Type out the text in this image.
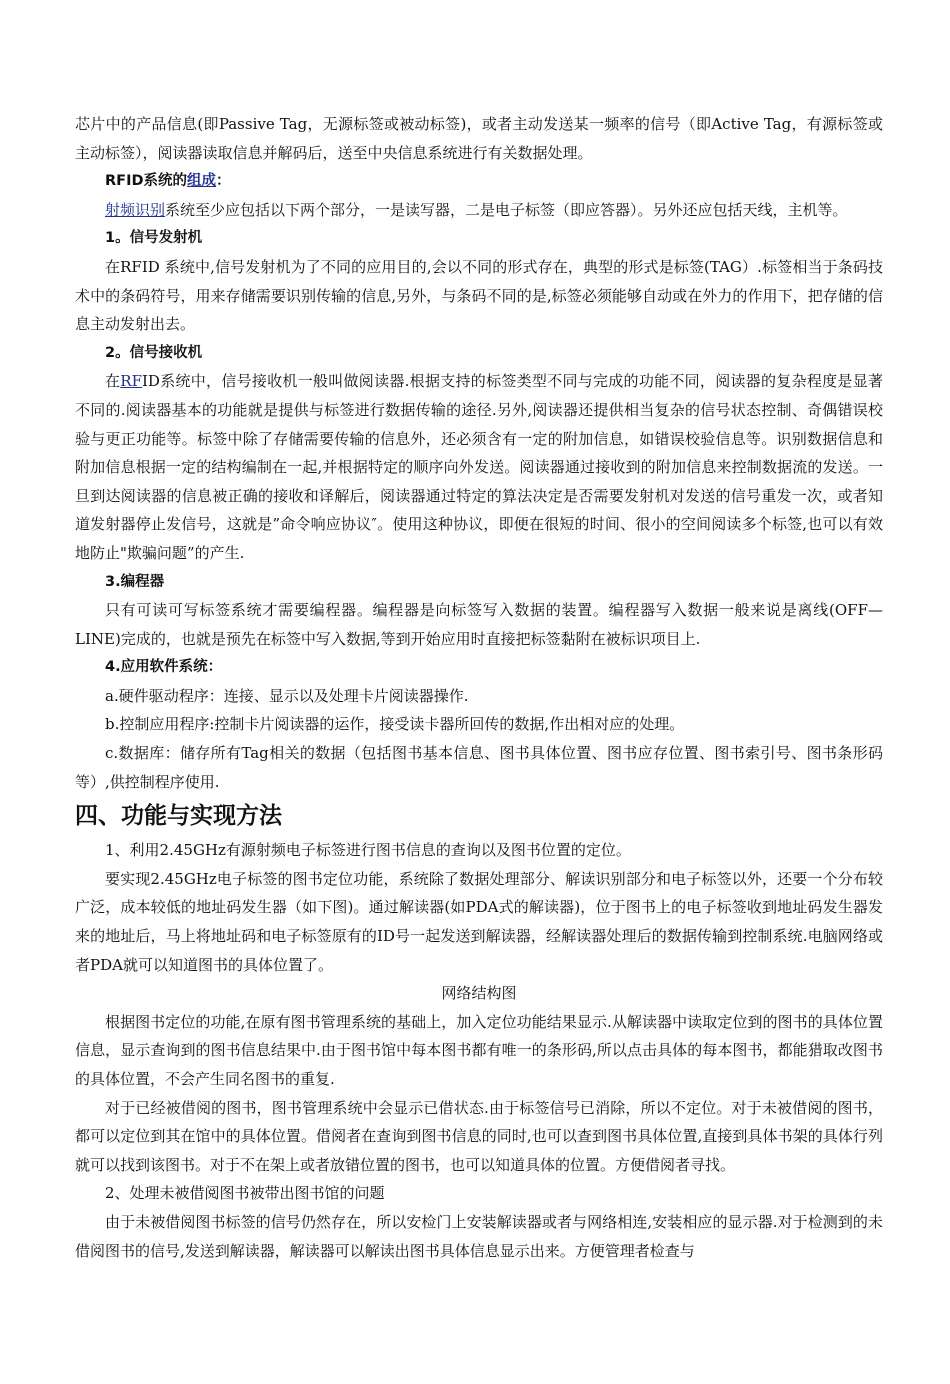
芯片中的产品信息(即Passive Tag，无源标签或被动标签)，或者主动发送某一频率的信号（即Active Tag，有源标签或主动标签），阅读器读取信息并解码后，送至中央信息系统进行有关数据处理。

RFID系统的组成：

射频识别系统至少应包括以下两个部分，一是读写器，二是电子标签（即应答器）。另外还应包括天线，主机等。

1。信号发射机

在RFID 系统中,信号发射机为了不同的应用目的,会以不同的形式存在，典型的形式是标签(TAG）.标签相当于条码技术中的条码符号，用来存储需要识别传输的信息,另外，与条码不同的是,标签必须能够自动或在外力的作用下，把存储的信息主动发射出去。

2。信号接收机

在RFID系统中，信号接收机一般叫做阅读器.根据支持的标签类型不同与完成的功能不同，阅读器的复杂程度是显著不同的.阅读器基本的功能就是提供与标签进行数据传输的途径.另外,阅读器还提供相当复杂的信号状态控制、奇偶错误校验与更正功能等。标签中除了存储需要传输的信息外，还必须含有一定的附加信息，如错误校验信息等。识别数据信息和附加信息根据一定的结构编制在一起,并根据特定的顺序向外发送。阅读器通过接收到的附加信息来控制数据流的发送。一旦到达阅读器的信息被正确的接收和译解后，阅读器通过特定的算法决定是否需要发射机对发送的信号重发一次，或者知道发射器停止发信号，这就是”命令响应协议″。使用这种协议，即便在很短的时间、很小的空间阅读多个标签,也可以有效地防止"欺骗问题”的产生.

3.编程器

只有可读可写标签系统才需要编程器。编程器是向标签写入数据的装置。编程器写入数据一般来说是离线(OFF—LINE)完成的，也就是预先在标签中写入数据,等到开始应用时直接把标签黏附在被标识项目上.

4.应用软件系统：

a.硬件驱动程序：连接、显示以及处理卡片阅读器操作.

b.控制应用程序:控制卡片阅读器的运作，接受读卡器所回传的数据,作出相对应的处理。

c.数据库：储存所有Tag相关的数据（包括图书基本信息、图书具体位置、图书应存位置、图书索引号、图书条形码等）,供控制程序使用.

四、功能与实现方法

1、利用2.45GHz有源射频电子标签进行图书信息的查询以及图书位置的定位。

要实现2.45GHz电子标签的图书定位功能，系统除了数据处理部分、解读识别部分和电子标签以外，还要一个分布较广泛，成本较低的地址码发生器（如下图)。通过解读器(如PDA式的解读器)，位于图书上的电子标签收到地址码发生器发来的地址后，马上将地址码和电子标签原有的ID号一起发送到解读器，经解读器处理后的数据传输到控制系统.电脑网络或者PDA就可以知道图书的具体位置了。

网络结构图

根据图书定位的功能,在原有图书管理系统的基础上，加入定位功能结果显示.从解读器中读取定位到的图书的具体位置信息，显示查询到的图书信息结果中.由于图书馆中每本图书都有唯一的条形码,所以点击具体的每本图书，都能猎取改图书的具体位置，不会产生同名图书的重复.

对于已经被借阅的图书，图书管理系统中会显示已借状态.由于标签信号已消除，所以不定位。对于未被借阅的图书，都可以定位到其在馆中的具体位置。借阅者在查询到图书信息的同时,也可以查到图书具体位置,直接到具体书架的具体行列就可以找到该图书。对于不在架上或者放错位置的图书，也可以知道具体的位置。方便借阅者寻找。

2、处理未被借阅图书被带出图书馆的问题

由于未被借阅图书标签的信号仍然存在，所以安检门上安装解读器或者与网络相连,安装相应的显示器.对于检测到的未借阅图书的信号,发送到解读器，解读器可以解读出图书具体信息显示出来。方便管理者检查与
